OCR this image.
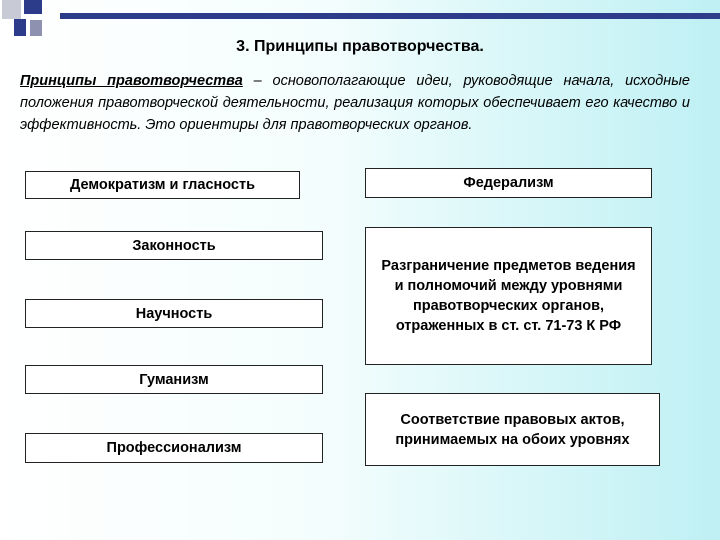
3. Принципы правотворчества.
Принципы правотворчества – основополагающие идеи, руководящие начала, исходные положения правотворческой деятельности, реализация которых обеспечивает его качество и эффективность. Это ориентиры для правотворческих органов.
Демократизм и гласность
Законность
Научность
Гуманизм
Профессионализм
Федерализм
Разграничение предметов ведения и полномочий между уровнями правотворческих органов, отраженных в ст. ст. 71-73 К РФ
Соответствие правовых актов, принимаемых на обоих уровнях
